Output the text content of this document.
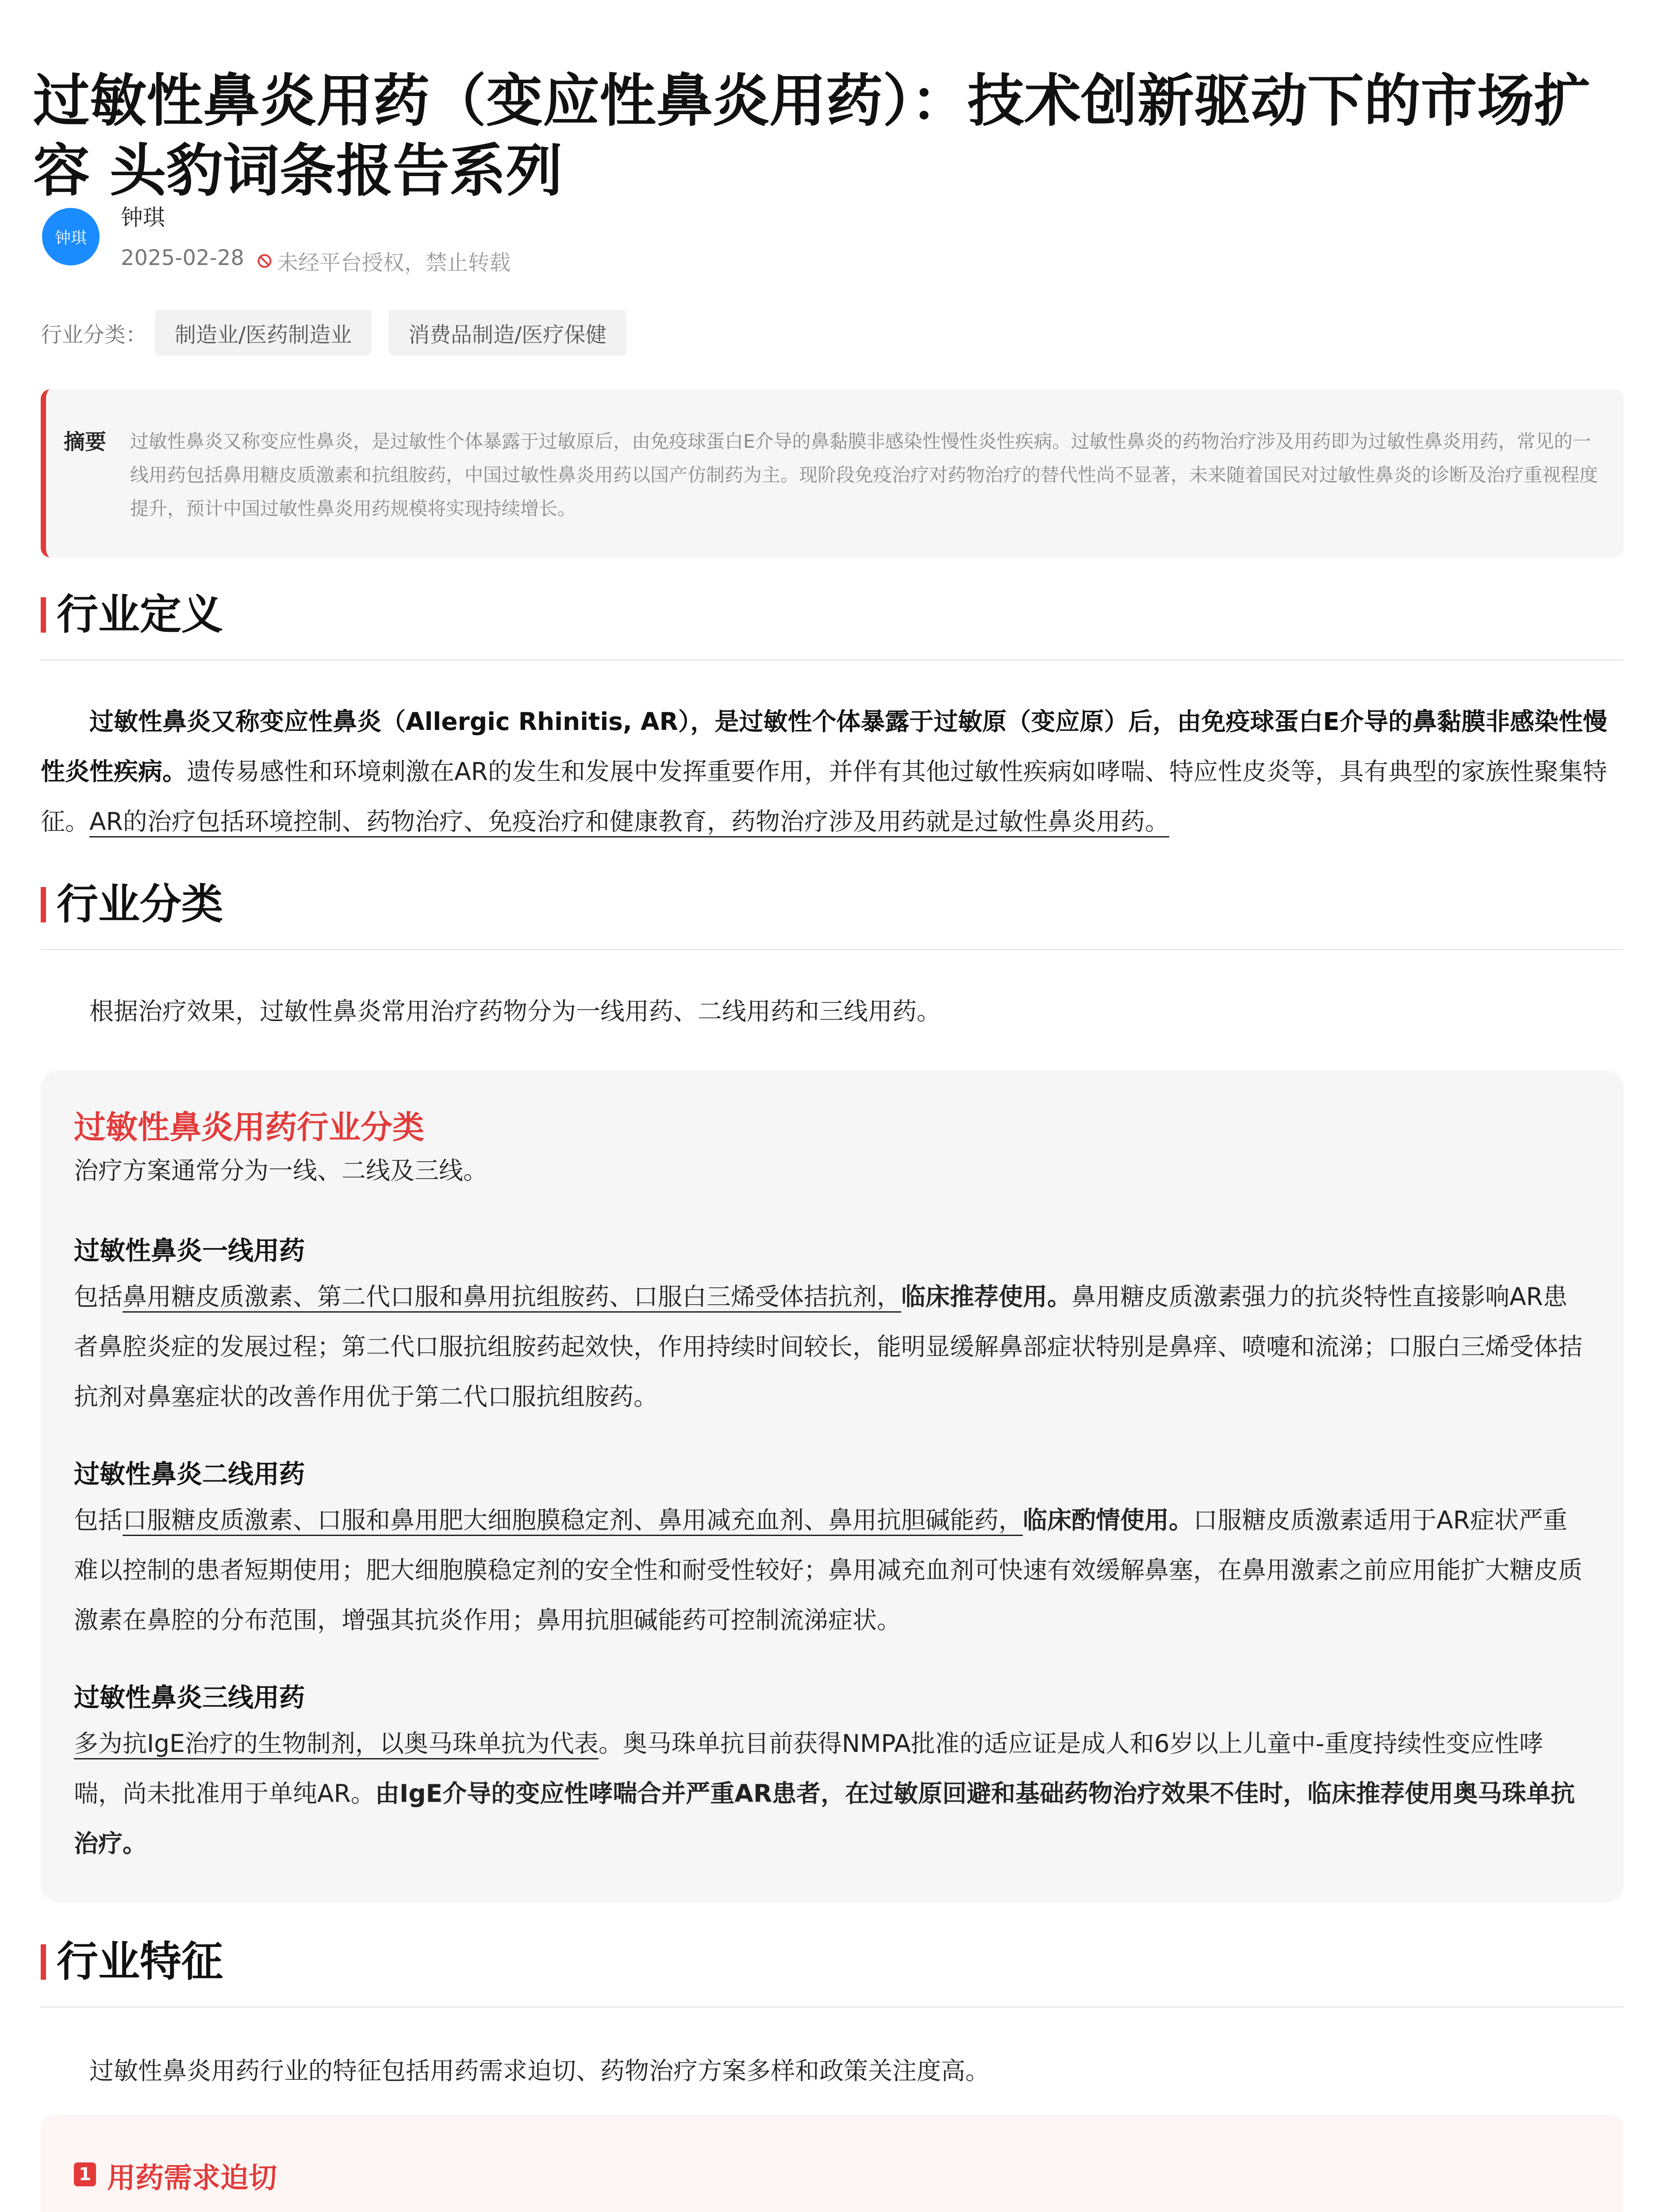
过敏性鼻炎用药（变应性鼻炎用药）：技术创新驱动下的市场扩容 头豹词条报告系列
钟琪
钟琪
2025-02-28 未经平台授权，禁止转载
行业分类：	制造业/医药制造业	消费品制造/医疗保健
摘要 过敏性鼻炎又称变应性鼻炎，是过敏性个体暴露于过敏原后，由免疫球蛋白E介导的鼻黏膜非感染性慢性炎性疾病。过敏性鼻炎的药物治疗涉及用药即为过敏性鼻炎用药，常见的一线用药包括鼻用糖皮质激素和抗组胺药，中国过敏性鼻炎用药以国产仿制药为主。现阶段免疫治疗对药物治疗的替代性尚不显著，未来随着国民对过敏性鼻炎的诊断及治疗重视程度提升，预计中国过敏性鼻炎用药规模将实现持续增长。
行业定义

过敏性鼻炎又称变应性鼻炎（Allergic Rhinitis, AR），是过敏性个体暴露于过敏原（变应原）后，由免疫球蛋白E介导的鼻黏膜非感染性慢性炎性疾病。遗传易感性和环境刺激在AR的发生和发展中发挥重要作用，并伴有其他过敏性疾病如哮喘、特应性皮炎等，具有典型的家族性聚集特征。AR的治疗包括环境控制、药物治疗、免疫治疗和健康教育，药物治疗涉及用药就是过敏性鼻炎用药。

行业分类

根据治疗效果，过敏性鼻炎常用治疗药物分为一线用药、二线用药和三线用药。

过敏性鼻炎用药行业分类

治疗方案通常分为一线、二线及三线。

过敏性鼻炎一线用药

包括鼻用糖皮质激素、第二代口服和鼻用抗组胺药、口服白三烯受体拮抗剂，临床推荐使用。鼻用糖皮质激素强力的抗炎特性直接影响AR患者鼻腔炎症的发展过程；第二代口服抗组胺药起效快，作用持续时间较长，能明显缓解鼻部症状特别是鼻痒、喷嚏和流涕；口服白三烯受体拮抗剂对鼻塞症状的改善作用优于第二代口服抗组胺药。

过敏性鼻炎二线用药

包括口服糖皮质激素、口服和鼻用肥大细胞膜稳定剂、鼻用减充血剂、鼻用抗胆碱能药，临床酌情使用。口服糖皮质激素适用于AR症状严重难以控制的患者短期使用；肥大细胞膜稳定剂的安全性和耐受性较好；鼻用减充血剂可快速有效缓解鼻塞，在鼻用激素之前应用能扩大糖皮质激素在鼻腔的分布范围，增强其抗炎作用；鼻用抗胆碱能药可控制流涕症状。

过敏性鼻炎三线用药

多为抗IgE治疗的生物制剂，以奥马珠单抗为代表。奥马珠单抗目前获得NMPA批准的适应证是成人和6岁以上儿童中-重度持续性变应性哮喘，尚未批准用于单纯AR。由IgE介导的变应性哮喘合并严重AR患者，在过敏原回避和基础药物治疗效果不佳时，临床推荐使用奥马珠单抗治疗。

行业特征

过敏性鼻炎用药行业的特征包括用药需求迫切、药物治疗方案多样和政策关注度高。

1 用药需求迫切
